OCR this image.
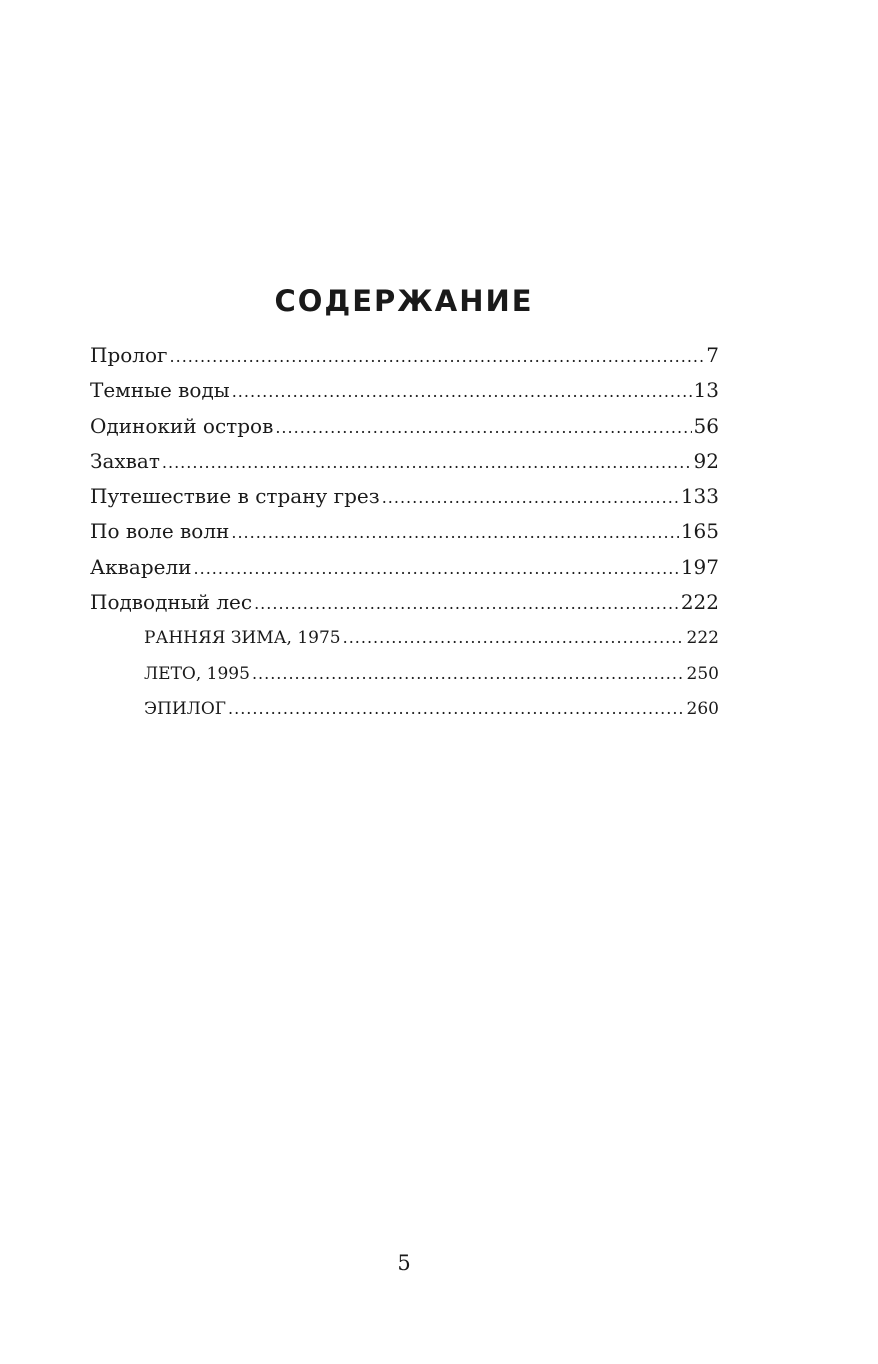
СОДЕРЖАНИЕ
Пролог .....	7
Темные воды .....	13
Одинокий остров .....	56
Захват .....	92
Путешествие в страну грез .....	133
По воле волн .....	165
Акварели .....	197
Подводный лес .....	222
РАННЯЯ ЗИМА, 1975 .....	222
ЛЕТО, 1995 .....	250
ЭПИЛОГ .....	260
5
